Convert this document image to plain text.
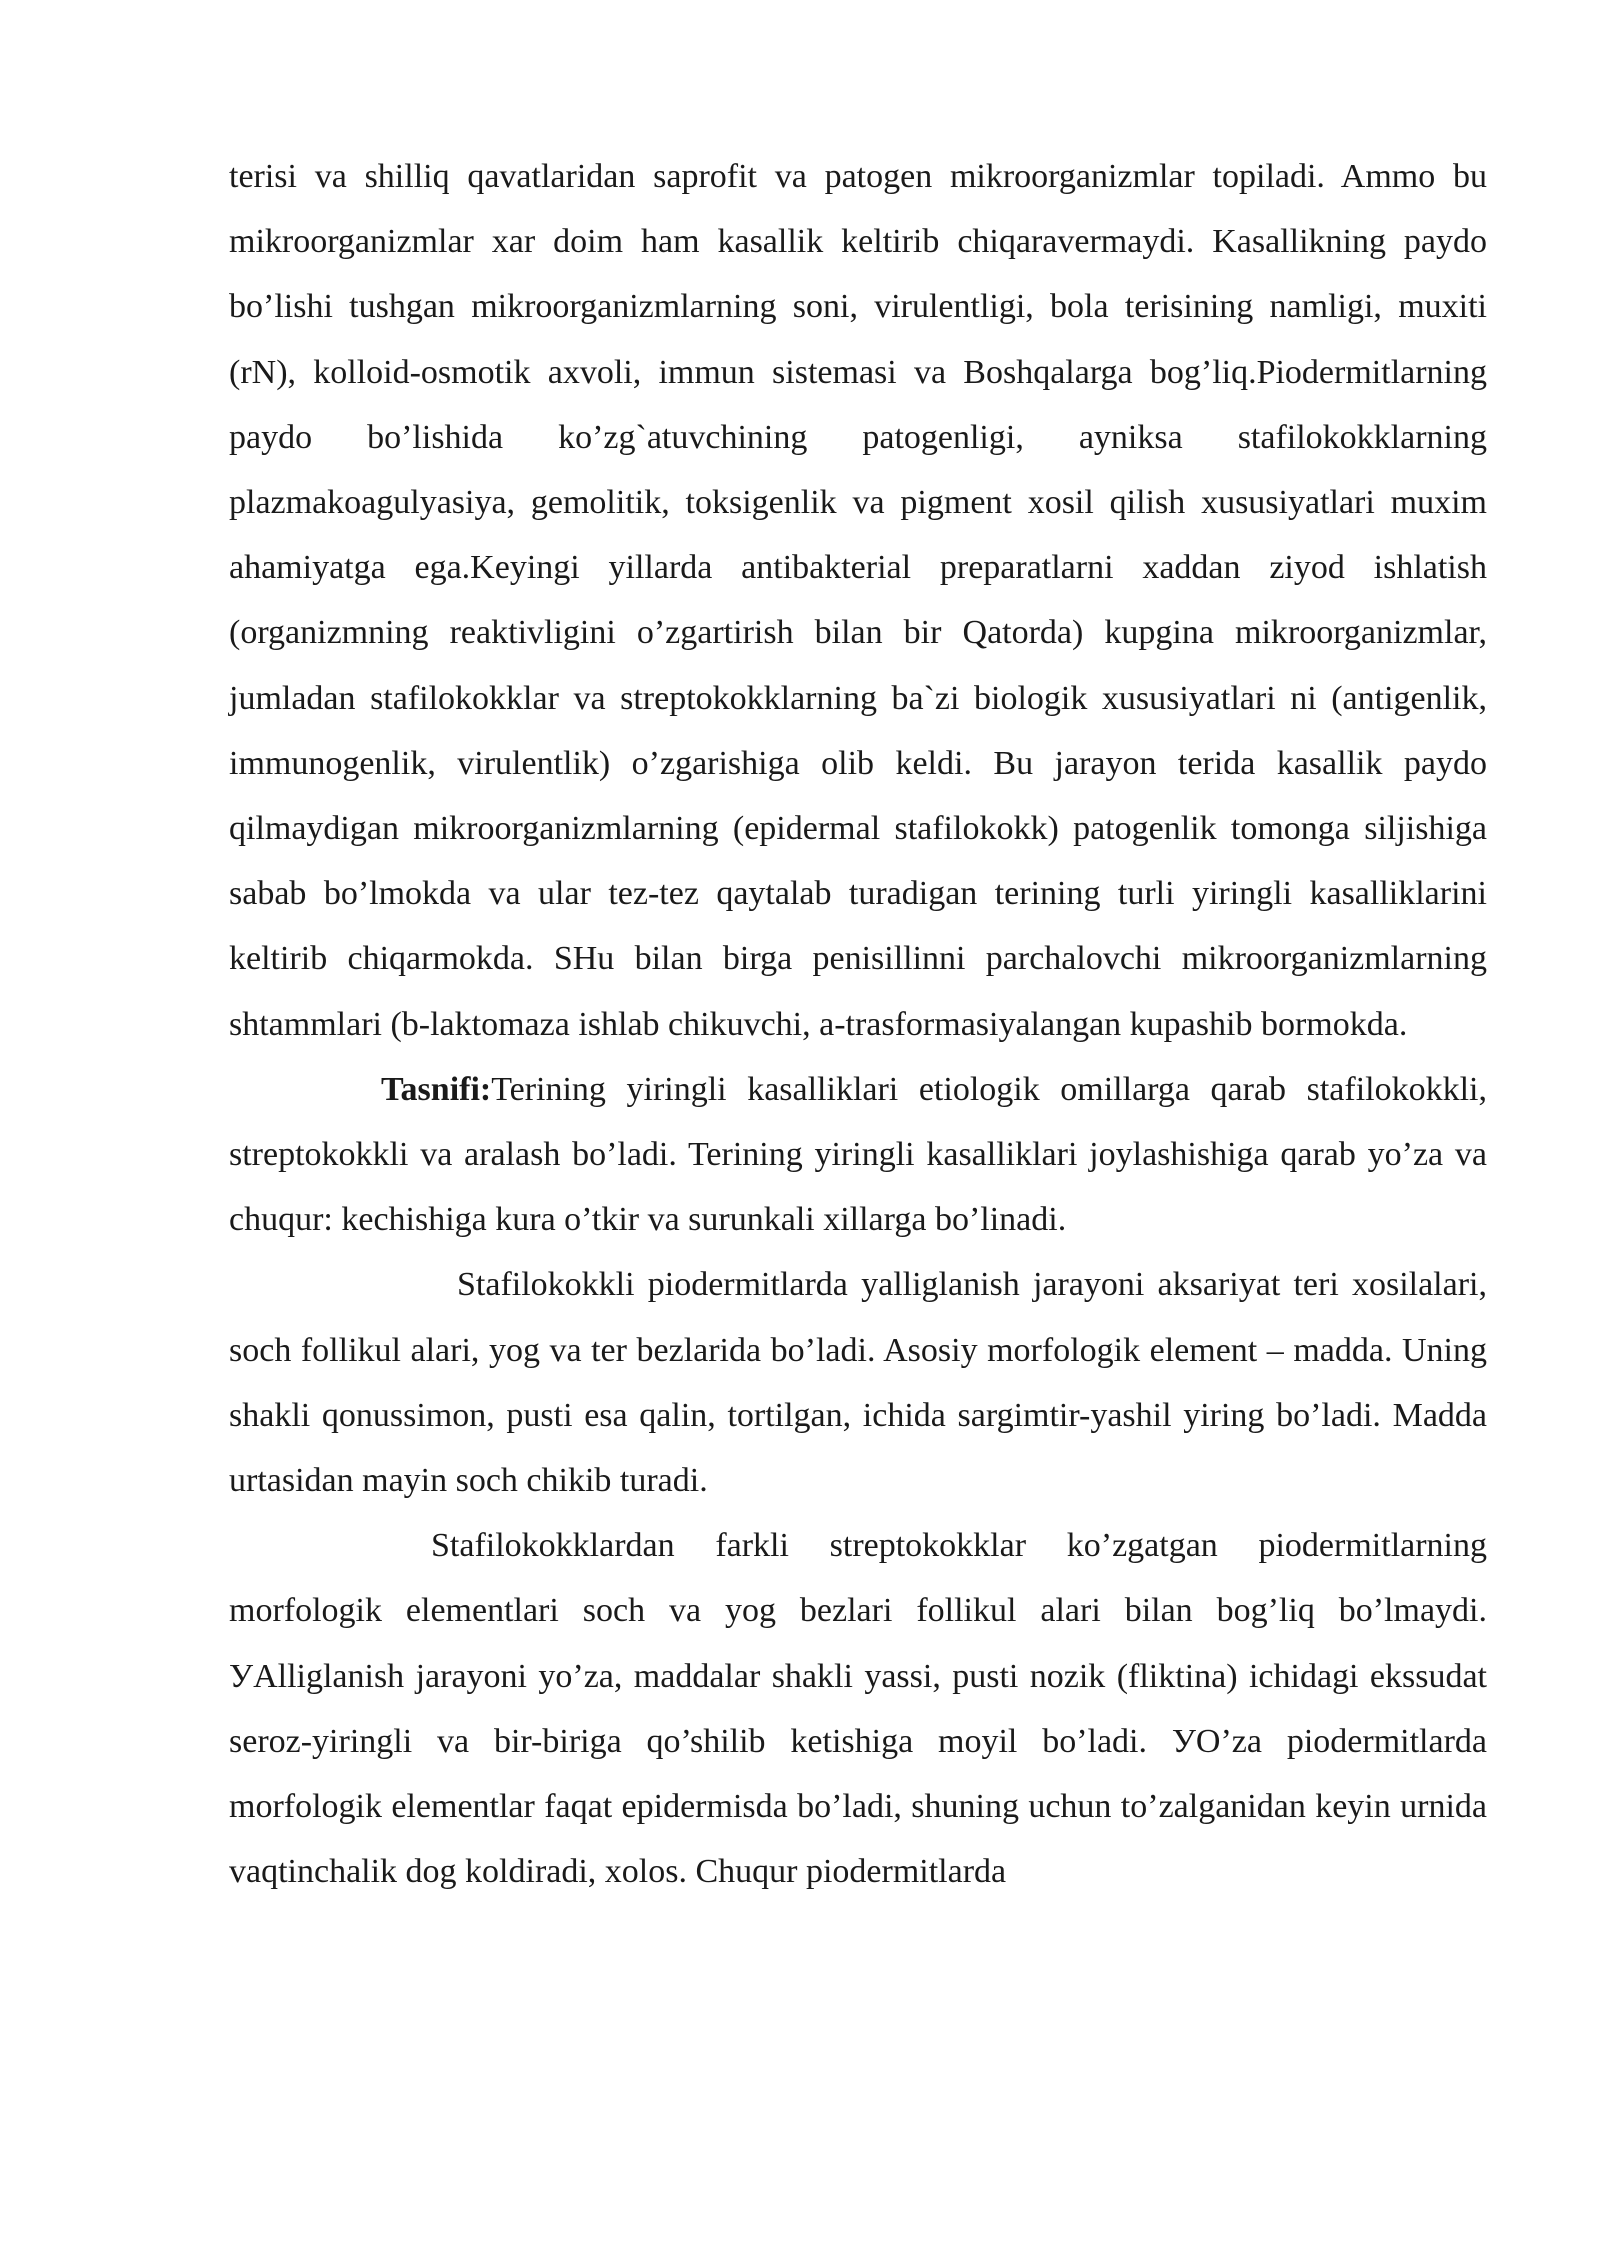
terisi va shilliq qavatlaridan saprofit va patogen mikroorganizmlar topiladi. Ammo bu mikroorganizmlar xar doim ham kasallik keltirib chiqaravermaydi. Kasallikning paydo bo’lishi tushgan mikroorganizmlarning soni, virulentligi, bola terisining namligi, muxiti (rN), kolloid-osmotik axvoli, immun sistemasi va Boshqalarga bog’liq.Piodermitlarning paydo bo’lishida ko’zg`atuvchining patogenligi, ayniksa stafilokokklarning plazmakoagulyasiya, gemolitik, toksigenlik va pigment xosil qilish xususiyatlari muxim ahamiyatga ega.Keyingi yillarda antibakterial preparatlarni xaddan ziyod ishlatish (organizmning reaktivligini o’zgartirish bilan bir Qatorda) kupgina mikroorganizmlar, jumladan stafilokokklar va streptokokklarning ba`zi biologik xususiyatlari ni (antigenlik, immunogenlik, virulentlik) o’zgarishiga olib keldi. Bu jarayon terida kasallik paydo qilmaydigan mikroorganizmlarning (epidermal stafilokokk) patogenlik tomonga siljishiga sabab bo’lmokda va ular tez-tez qaytalab turadigan terining turli yiringli kasalliklarini keltirib chiqarmokda. SHu bilan birga penisillinni parchalovchi mikroorganizmlarning shtammlari (b-laktomaza ishlab chikuvchi, a-trasformasiyalangan kupashib bormokda.

Tasnifi:Terining yiringli kasalliklari etiologik omillarga qarab stafilokokkli, streptokokkli va aralash bo’ladi. Terining yiringli kasalliklari joylashishiga qarab yo’za va chuqur: kechishiga kura o’tkir va surunkali xillarga bo’linadi.

Stafilokokkli piodermitlarda yalliglanish jarayoni aksariyat teri xosilalari, soch follikul alari, yog va ter bezlarida bo’ladi. Asosiy morfologik element – madda. Uning shakli qonussimon, pusti esa qalin, tortilgan, ichida sargimtir-yashil yiring bo’ladi. Madda urtasidan mayin soch chikib turadi.

Stafilokokklardan farkli streptokokklar ko’zgatgan piodermitlarning morfologik elementlari soch va yog bezlari follikul alari bilan bog’liq bo’lmaydi. УAlliglanish jarayoni yo’za, maddalar shakli yassi, pusti nozik (fliktina) ichidagi ekssudat seroz-yiringli va bir-biriga qo’shilib ketishiga moyil bo’ladi. УO’za piodermitlarda morfologik elementlar faqat epidermisda bo’ladi, shuning uchun to’zalganidan keyin urnida vaqtinchalik dog koldiradi, xolos. Chuqur piodermitlarda
